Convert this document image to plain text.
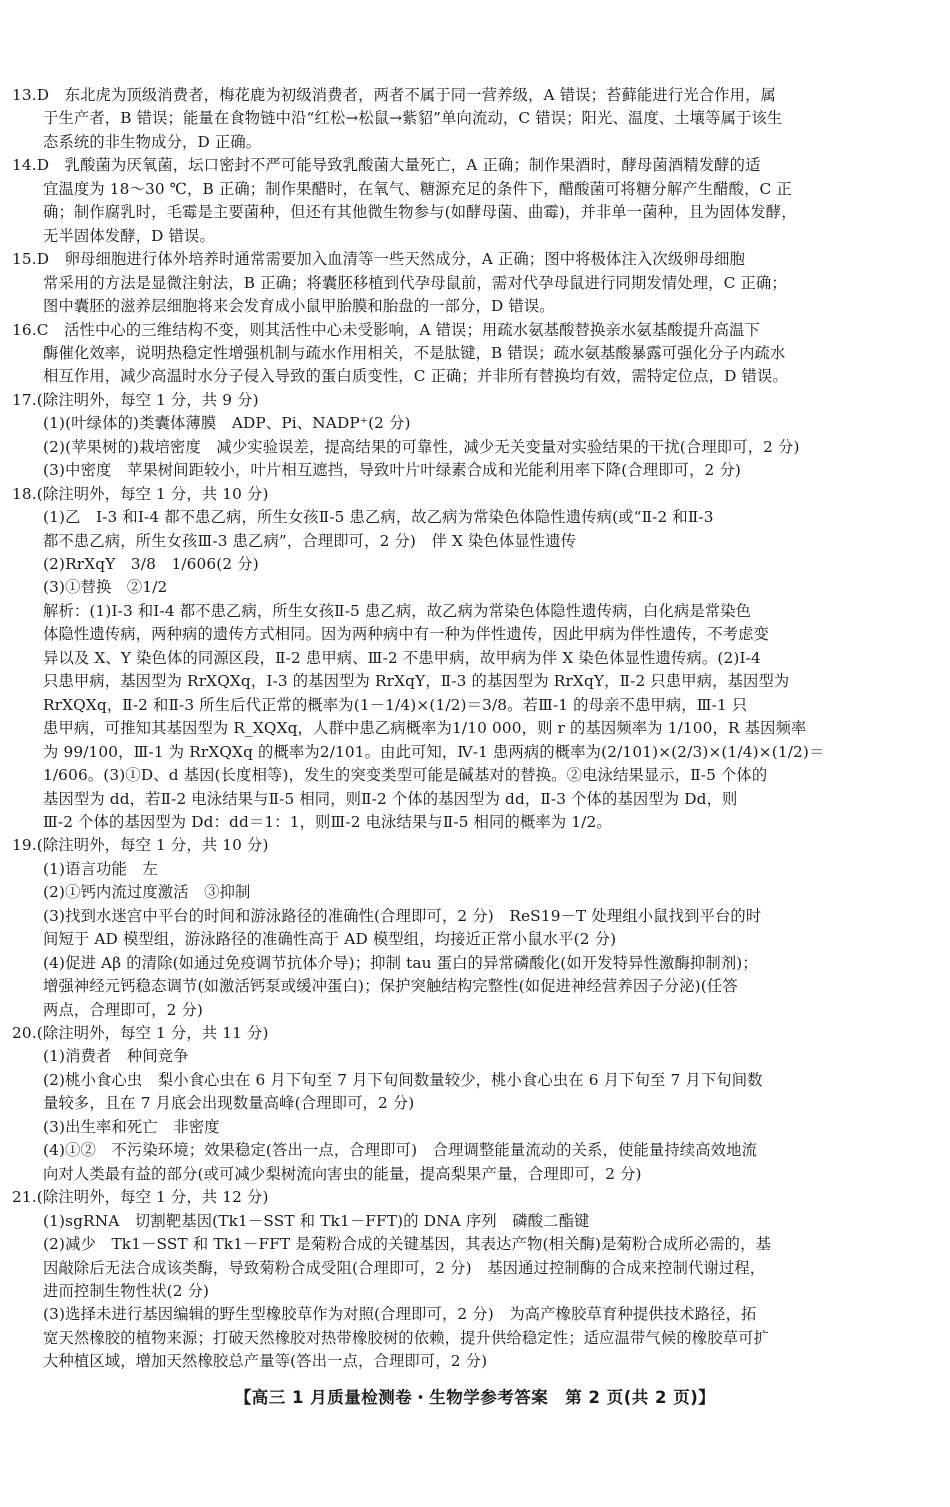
13.D　东北虎为顶级消费者，梅花鹿为初级消费者，两者不属于同一营养级，A 错误；苔藓能进行光合作用，属
于生产者，B 错误；能量在食物链中沿“红松→松鼠→紫貂”单向流动，C 错误；阳光、温度、土壤等属于该生
态系统的非生物成分，D 正确。
14.D　乳酸菌为厌氧菌，坛口密封不严可能导致乳酸菌大量死亡，A 正确；制作果酒时，酵母菌酒精发酵的适
宜温度为 18～30 ℃，B 正确；制作果醋时，在氧气、糖源充足的条件下，醋酸菌可将糖分解产生醋酸，C 正
确；制作腐乳时，毛霉是主要菌种，但还有其他微生物参与(如酵母菌、曲霉)，并非单一菌种，且为固体发酵，
无半固体发酵，D 错误。
15.D　卵母细胞进行体外培养时通常需要加入血清等一些天然成分，A 正确；图中将极体注入次级卵母细胞
常采用的方法是显微注射法，B 正确；将囊胚移植到代孕母鼠前，需对代孕母鼠进行同期发情处理，C 正确；
图中囊胚的滋养层细胞将来会发育成小鼠甲胎膜和胎盘的一部分，D 错误。
16.C　活性中心的三维结构不变，则其活性中心未受影响，A 错误；用疏水氨基酸替换亲水氨基酸提升高温下
酶催化效率，说明热稳定性增强机制与疏水作用相关，不是肽键，B 错误；疏水氨基酸暴露可强化分子内疏水
相互作用，减少高温时水分子侵入导致的蛋白质变性，C 正确；并非所有替换均有效，需特定位点，D 错误。
17.(除注明外，每空 1 分，共 9 分)
(1)(叶绿体的)类囊体薄膜　ADP、Pi、NADP⁺(2 分)
(2)(苹果树的)栽培密度　减少实验误差，提高结果的可靠性，减少无关变量对实验结果的干扰(合理即可，2 分)
(3)中密度　苹果树间距较小，叶片相互遮挡，导致叶片叶绿素合成和光能利用率下降(合理即可，2 分)
18.(除注明外，每空 1 分，共 10 分)
(1)乙　Ⅰ-3 和Ⅰ-4 都不患乙病，所生女孩Ⅱ-5 患乙病，故乙病为常染色体隐性遗传病(或“Ⅱ-2 和Ⅱ-3
都不患乙病，所生女孩Ⅲ-3 患乙病”，合理即可，2 分)　伴 X 染色体显性遗传
(2)RrXqY　3/8　1/606(2 分)
(3)①替换　②1/2
解析：(1)Ⅰ-3 和Ⅰ-4 都不患乙病，所生女孩Ⅱ-5 患乙病，故乙病为常染色体隐性遗传病，白化病是常染色
体隐性遗传病，两种病的遗传方式相同。因为两种病中有一种为伴性遗传，因此甲病为伴性遗传，不考虑变
异以及 X、Y 染色体的同源区段，Ⅱ-2 患甲病、Ⅲ-2 不患甲病，故甲病为伴 X 染色体显性遗传病。(2)Ⅰ-4
只患甲病，基因型为 RrXQXq，Ⅰ-3 的基因型为 RrXqY，Ⅱ-3 的基因型为 RrXqY，Ⅱ-2 只患甲病，基因型为
RrXQXq，Ⅱ-2 和Ⅱ-3 所生后代正常的概率为(1－1/4)×(1/2)＝3/8。若Ⅲ-1 的母亲不患甲病，Ⅲ-1 只
患甲病，可推知其基因型为 R_XQXq，人群中患乙病概率为1/10 000，则 r 的基因频率为 1/100，R 基因频率
为 99/100，Ⅲ-1 为 RrXQXq 的概率为2/101。由此可知，Ⅳ-1 患两病的概率为(2/101)×(2/3)×(1/4)×(1/2)＝
1/606。(3)①D、d 基因(长度相等)，发生的突变类型可能是碱基对的替换。②电泳结果显示，Ⅱ-5 个体的
基因型为 dd，若Ⅱ-2 电泳结果与Ⅱ-5 相同，则Ⅱ-2 个体的基因型为 dd，Ⅱ-3 个体的基因型为 Dd，则
Ⅲ-2 个体的基因型为 Dd：dd＝1：1，则Ⅲ-2 电泳结果与Ⅱ-5 相同的概率为 1/2。
19.(除注明外，每空 1 分，共 10 分)
(1)语言功能　左
(2)①钙内流过度激活　③抑制
(3)找到水迷宫中平台的时间和游泳路径的准确性(合理即可，2 分)　ReS19－T 处理组小鼠找到平台的时
间短于 AD 模型组，游泳路径的准确性高于 AD 模型组，均接近正常小鼠水平(2 分)
(4)促进 Aβ 的清除(如通过免疫调节抗体介导)；抑制 tau 蛋白的异常磷酸化(如开发特异性激酶抑制剂)；
增强神经元钙稳态调节(如激活钙泵或缓冲蛋白)；保护突触结构完整性(如促进神经营养因子分泌)(任答
两点，合理即可，2 分)
20.(除注明外，每空 1 分，共 11 分)
(1)消费者　种间竞争
(2)桃小食心虫　梨小食心虫在 6 月下旬至 7 月下旬间数量较少，桃小食心虫在 6 月下旬至 7 月下旬间数
量较多，且在 7 月底会出现数量高峰(合理即可，2 分)
(3)出生率和死亡　非密度
(4)①②　不污染环境；效果稳定(答出一点，合理即可)　合理调整能量流动的关系，使能量持续高效地流
向对人类最有益的部分(或可减少梨树流向害虫的能量，提高梨果产量，合理即可，2 分)
21.(除注明外，每空 1 分，共 12 分)
(1)sgRNA　切割靶基因(Tk1－SST 和 Tk1－FFT)的 DNA 序列　磷酸二酯键
(2)减少　Tk1－SST 和 Tk1－FFT 是菊粉合成的关键基因，其表达产物(相关酶)是菊粉合成所必需的，基
因敲除后无法合成该类酶，导致菊粉合成受阻(合理即可，2 分)　基因通过控制酶的合成来控制代谢过程，
进而控制生物性状(2 分)
(3)选择未进行基因编辑的野生型橡胶草作为对照(合理即可，2 分)　为高产橡胶草育种提供技术路径，拓
宽天然橡胶的植物来源；打破天然橡胶对热带橡胶树的依赖，提升供给稳定性；适应温带气候的橡胶草可扩
大种植区域，增加天然橡胶总产量等(答出一点，合理即可，2 分)
【高三 1 月质量检测卷・生物学参考答案　第 2 页(共 2 页)】
